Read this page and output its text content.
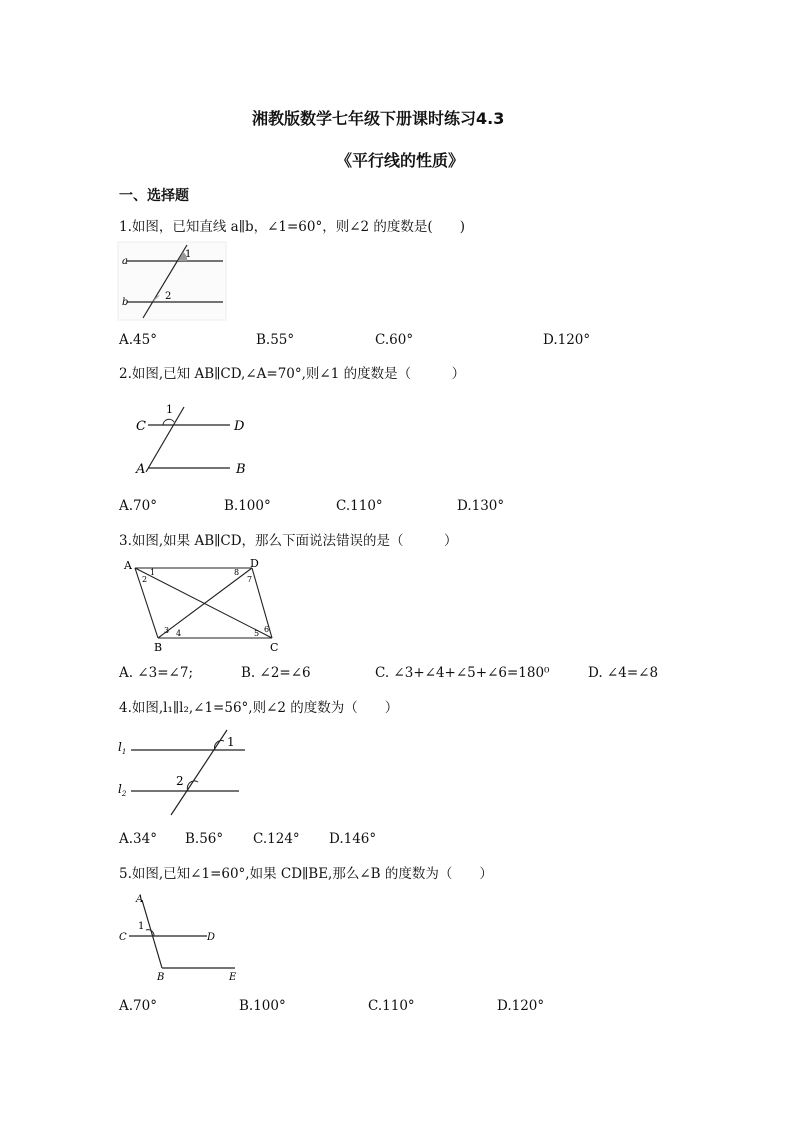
湘教版数学七年级下册课时练习4.3
《平行线的性质》
一、选择题
1.如图，已知直线 a∥b，∠1=60°，则∠2 的度数是(　　)
a
b
1
2
A.45°	B.55°	C.60°	D.120°
2.如图,已知 AB∥CD,∠A=70°,则∠1 的度数是（　　　）
C	D
A	B
1
A.70°	B.100°	C.110°	D.130°
3.如图,如果 AB∥CD，那么下面说法错误的是（　　　）
A	D
B	C
1
2
3 4	5 6
7
8
A. ∠3=∠7;	B. ∠2=∠6	C. ∠3+∠4+∠5+∠6=180⁰	D. ∠4=∠8
4.如图,l₁∥l₂,∠1=56°,则∠2 的度数为（　　）
$l_1$
$l_2$
1
2
A.34° B.56° C.124° D.146°
5.如图,已知∠1=60°,如果 CD∥BE,那么∠B 的度数为（　　）
A
C	D
B	E
1
A.70°	B.100°	C.110°	D.120°
